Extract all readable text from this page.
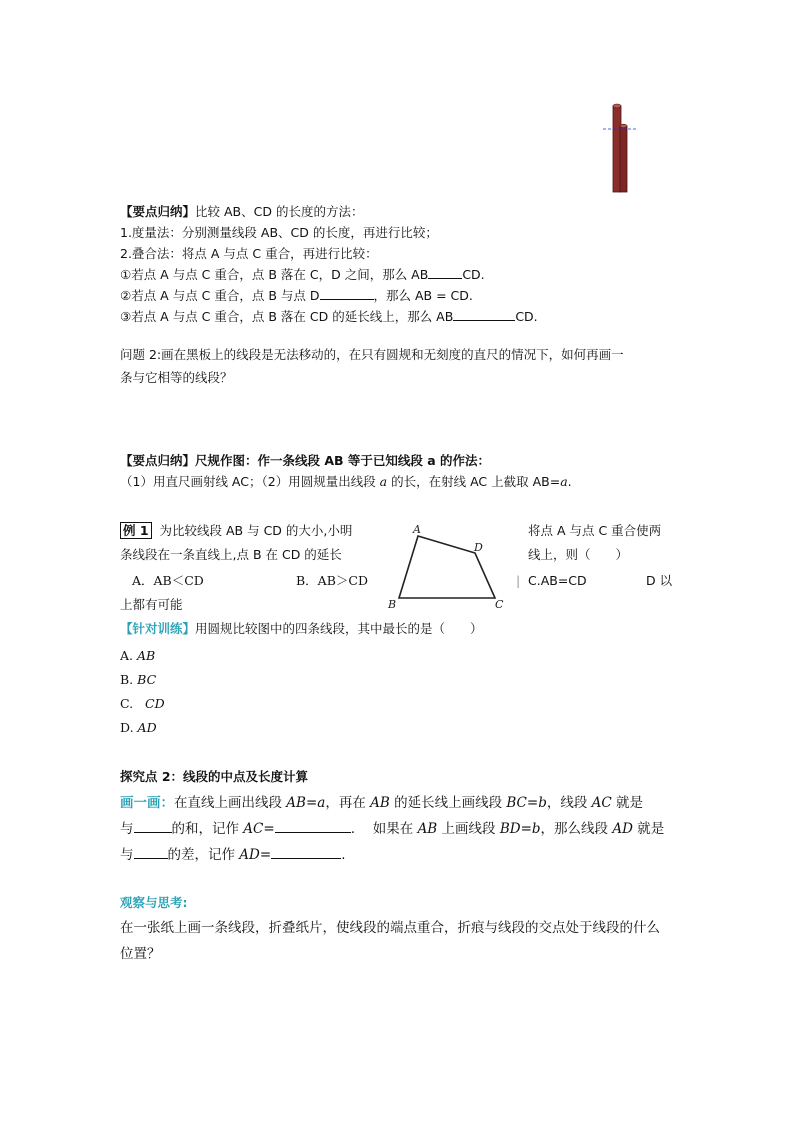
【要点归纳】比较 AB、CD 的长度的方法：
1.度量法：分别测量线段 AB、CD 的长度，再进行比较；
2.叠合法：将点 A 与点 C 重合，再进行比较：
①若点 A 与点 C 重合，点 B 落在 C，D 之间，那么 AB	CD.
②若点 A 与点 C 重合，点 B 与点 D	，那么 AB = CD.
③若点 A 与点 C 重合，点 B 落在 CD 的延长线上，那么 AB	CD.
问题 2:画在黑板上的线段是无法移动的，在只有圆规和无刻度的直尺的情况下，如何再画一
条与它相等的线段？
【要点归纳】尺规作图：作一条线段 AB 等于已知线段 a 的作法：
（1）用直尺画射线 AC；（2）用圆规量出线段 a 的长，在射线 AC 上截取 AB=a.
例 1 为比较线段 AB 与 CD 的大小,小明	将点 A 与点 C 重合使两
条线段在一条直线上,点 B 在 CD 的延长	线上，则（　　）
A．AB＜CD	B．AB＞CD	| C.AB=CD	D 以
上都有可能
A
D
B	C
【针对训练】用圆规比较图中的四条线段，其中最长的是（　　）
A. AB
B. BC
C. CD
D. AD
探究点 2：线段的中点及长度计算
画一画：在直线上画出线段 AB=a，再在 AB 的延长线上画线段 BC=b，线段 AC 就是
与	的和，记作 AC=	.　 如果在 AB 上画线段 BD=b，那么线段 AD 就是
与	的差，记作 AD=	.
观察与思考:
在一张纸上画一条线段，折叠纸片，使线段的端点重合，折痕与线段的交点处于线段的什么
位置？
